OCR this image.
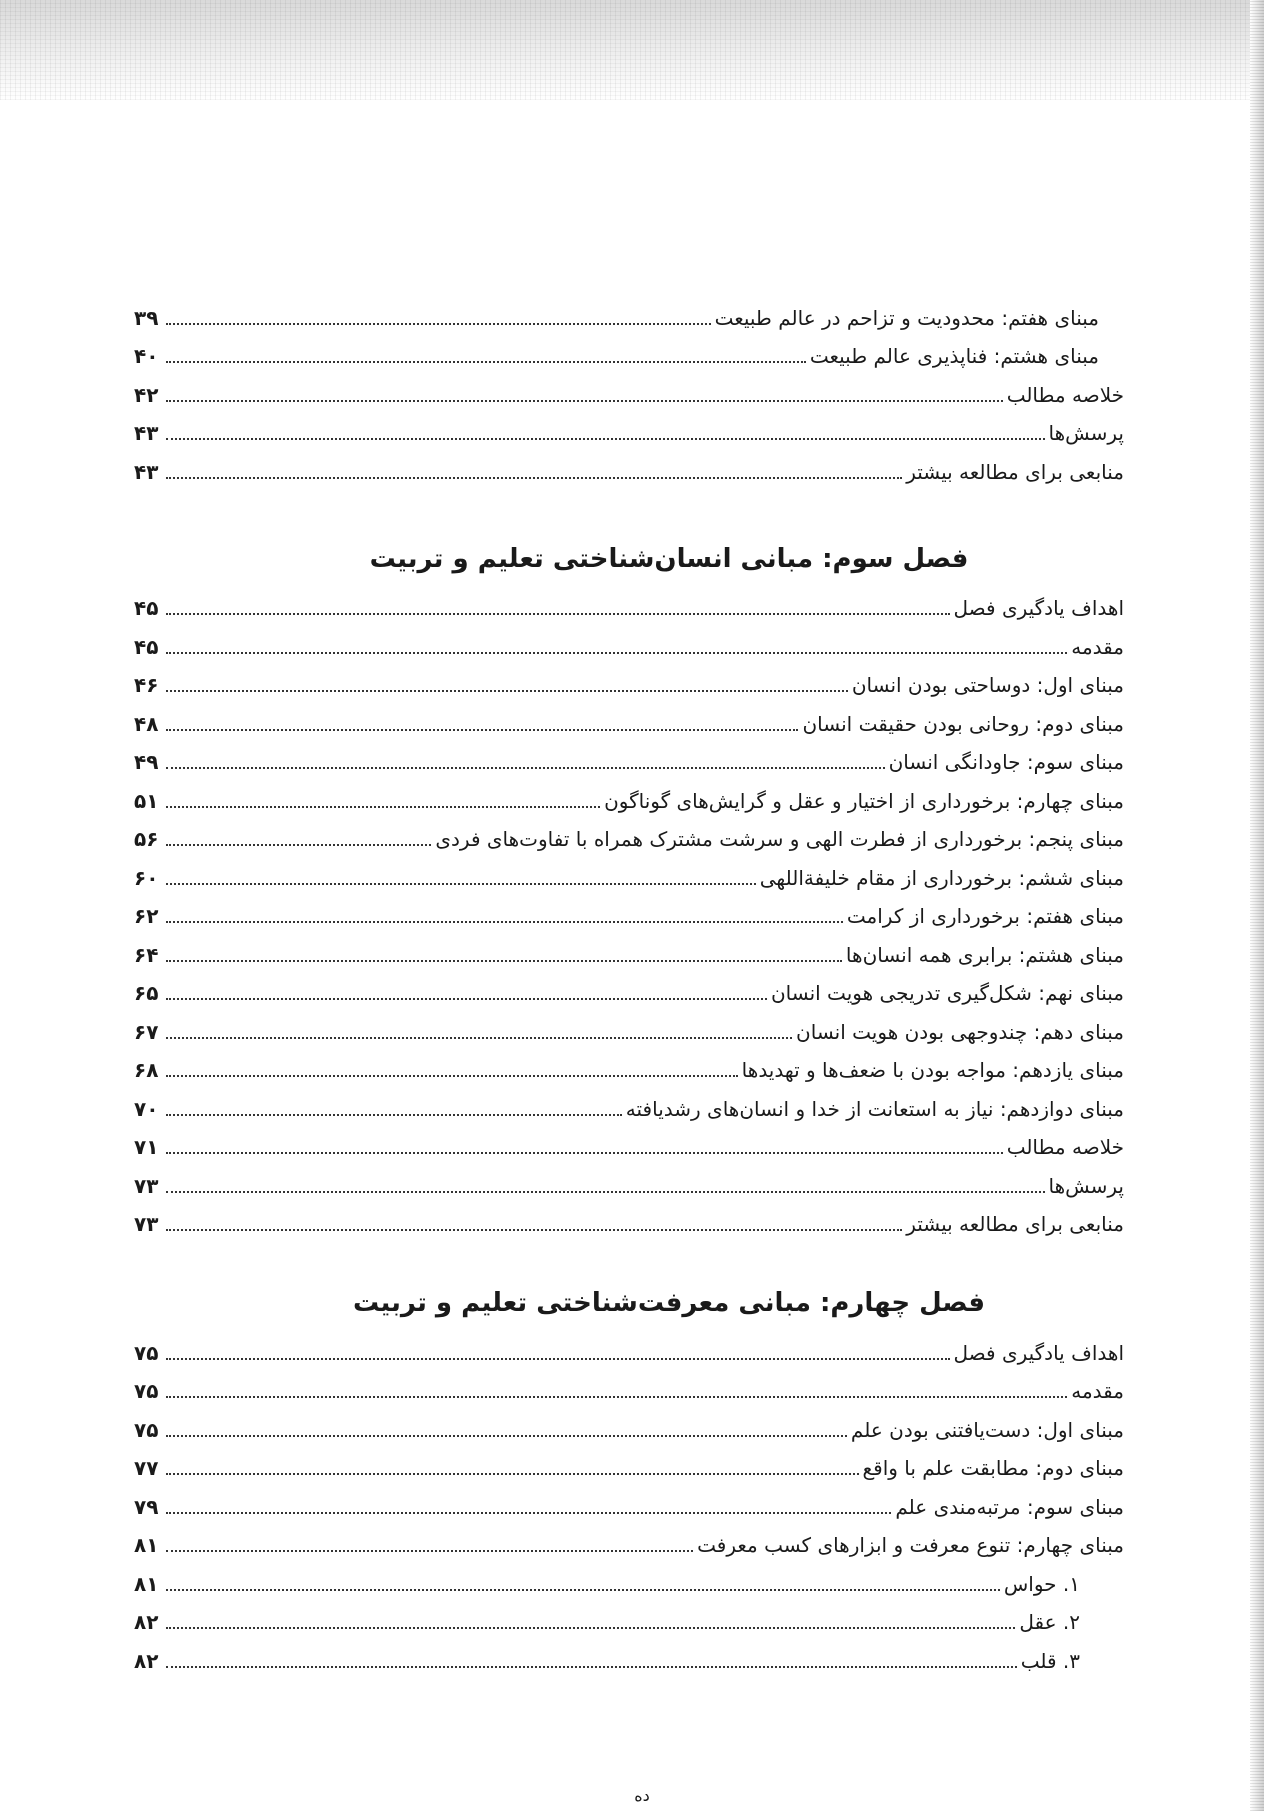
مبنای هفتم: محدودیت و تزاحم در عالم طبیعت
۳۹
مبنای هشتم: فناپذیری عالم طبیعت
۴۰
خلاصه مطالب
۴۲
پرسش‌ها
۴۳
منابعی برای مطالعه بیشتر
۴۳
فصل سوم: مبانی انسان‌شناختی تعلیم و تربیت
اهداف یادگیری فصل
۴۵
مقدمه
۴۵
مبنای اول: دوساحتی بودن انسان
۴۶
مبنای دوم: روحانی بودن حقیقت انسان
۴۸
مبنای سوم: جاودانگی انسان
۴۹
مبنای چهارم: برخورداری از اختیار و عقل و گرایش‌های گوناگون
۵۱
مبنای پنجم: برخورداری از فطرت الهی و سرشت مشترک همراه با تفاوت‌های فردی
۵۶
مبنای ششم: برخورداری از مقام خلیفة‌اللهی
۶۰
مبنای هفتم: برخورداری از کرامت
۶۲
مبنای هشتم: برابری همه انسان‌ها
۶۴
مبنای نهم: شکل‌گیری تدریجی هویت انسان
۶۵
مبنای دهم: چندوجهی بودن هویت انسان
۶۷
مبنای یازدهم: مواجه بودن با ضعف‌ها و تهدیدها
۶۸
مبنای دوازدهم: نیاز به استعانت از خدا و انسان‌های رشدیافته
۷۰
خلاصه مطالب
۷۱
پرسش‌ها
۷۳
منابعی برای مطالعه بیشتر
۷۳
فصل چهارم: مبانی معرفت‌شناختی تعلیم و تربیت
اهداف یادگیری فصل
۷۵
مقدمه
۷۵
مبنای اول: دست‌یافتنی بودن علم
۷۵
مبنای دوم: مطابقت علم با واقع
۷۷
مبنای سوم: مرتبه‌مندی علم
۷۹
مبنای چهارم: تنوع معرفت و ابزارهای کسب معرفت
۸۱
۱. حواس
۸۱
۲. عقل
۸۲
۳. قلب
۸۲
ده
